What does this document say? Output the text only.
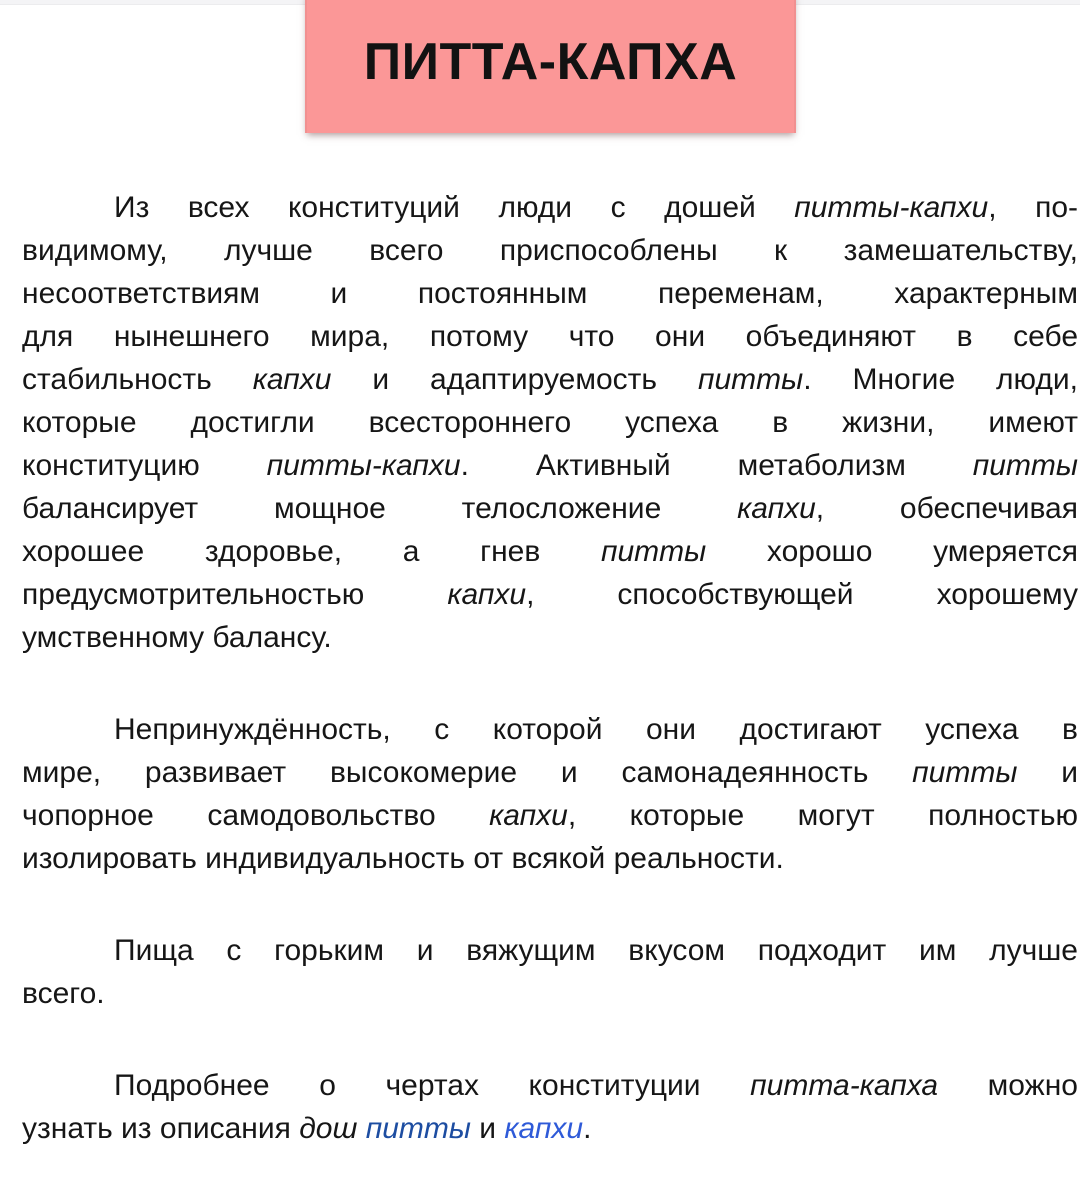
ПИТТА-КАПХА
Из всех конституций люди с дошей питты-капхи, по-
видимому, лучше всего приспособлены к замешательству,
несоответствиям и постоянным переменам, характерным
для нынешнего мира, потому что они объединяют в себе
стабильность капхи и адаптируемость питты. Многие люди,
которые достигли всестороннего успеха в жизни, имеют
конституцию питты-капхи. Активный метаболизм питты
балансирует мощное телосложение капхи, обеспечивая
хорошее здоровье, а гнев питты хорошо умеряется
предусмотрительностью капхи, способствующей хорошему
умственному балансу.
Непринуждённость, с которой они достигают успеха в
мире, развивает высокомерие и самонадеянность питты и
чопорное самодовольство капхи, которые могут полностью
изолировать индивидуальность от всякой реальности.
Пища с горьким и вяжущим вкусом подходит им лучше
всего.
Подробнее о чертах конституции питта-капха можно
узнать из описания дош питты и капхи.
